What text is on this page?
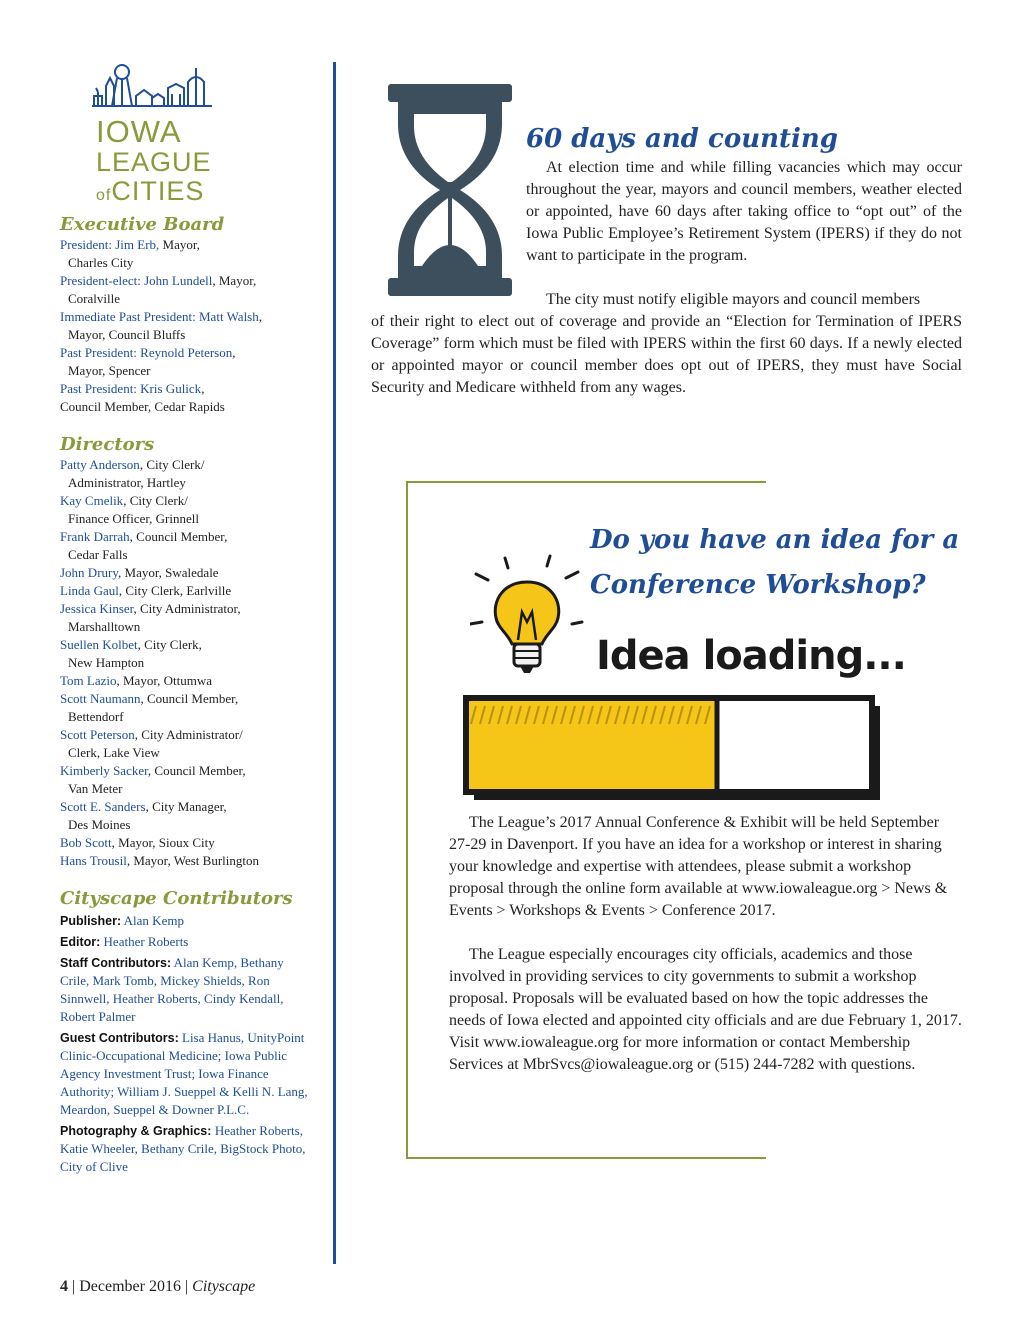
IOWA
LEAGUE
ofCITIES
Executive Board

President: Jim Erb, Mayor,
Charles City

President-elect: John Lundell, Mayor,
Coralville

Immediate Past President: Matt Walsh,
Mayor, Council Bluffs

Past President: Reynold Peterson,
Mayor, Spencer

Past President: Kris Gulick,

Council Member, Cedar Rapids

Directors

Patty Anderson, City Clerk/
Administrator, Hartley

Kay Cmelik, City Clerk/
Finance Officer, Grinnell

Frank Darrah, Council Member,
Cedar Falls

John Drury, Mayor, Swaledale

Linda Gaul, City Clerk, Earlville

Jessica Kinser, City Administrator,
Marshalltown

Suellen Kolbet, City Clerk,
New Hampton

Tom Lazio, Mayor, Ottumwa

Scott Naumann, Council Member,
Bettendorf

Scott Peterson, City Administrator/
Clerk, Lake View

Kimberly Sacker, Council Member,
Van Meter

Scott E. Sanders, City Manager,
Des Moines

Bob Scott, Mayor, Sioux City

Hans Trousil, Mayor, West Burlington

Cityscape Contributors

Publisher: Alan Kemp

Editor: Heather Roberts

Staff Contributors: Alan Kemp, Bethany Crile, Mark Tomb, Mickey Shields, Ron Sinnwell, Heather Roberts, Cindy Kendall, Robert Palmer

Guest Contributors: Lisa Hanus, UnityPoint Clinic-Occupational Medicine; Iowa Public Agency Investment Trust; Iowa Finance Authority; William J. Sueppel & Kelli N. Lang, Meardon, Sueppel & Downer P.L.C.

Photography & Graphics: Heather Roberts, Katie Wheeler, Bethany Crile, BigStock Photo, City of Clive

60 days and counting

At election time and while filling vacancies which may occur throughout the year, mayors and council members, weather elected or appointed, have 60 days after taking office to “opt out” of the Iowa Public Employee’s Retirement System (IPERS) if they do not want to participate in the program.

The city must notify eligible mayors and council members

of their right to elect out of coverage and provide an “Election for Termination of IPERS Coverage” form which must be filed with IPERS within the first 60 days. If a newly elected or appointed mayor or council member does opt out of IPERS, they must have Social Security and Medicare withheld from any wages.

Do you have an idea for a Conference Workshop?
Idea loading...

The League’s 2017 Annual Conference & Exhibit will be held September 27-29 in Davenport. If you have an idea for a workshop or interest in sharing your knowledge and expertise with attendees, please submit a workshop proposal through the online form available at www.iowaleague.org > News & Events > Workshops & Events > Conference 2017.

The League especially encourages city officials, academics and those involved in providing services to city governments to submit a workshop proposal. Proposals will be evaluated based on how the topic addresses the needs of Iowa elected and appointed city officials and are due February 1, 2017. Visit www.iowaleague.org for more information or contact Membership Services at MbrSvcs@iowaleague.org or (515) 244-7282 with questions.

4 | December 2016 | Cityscape
